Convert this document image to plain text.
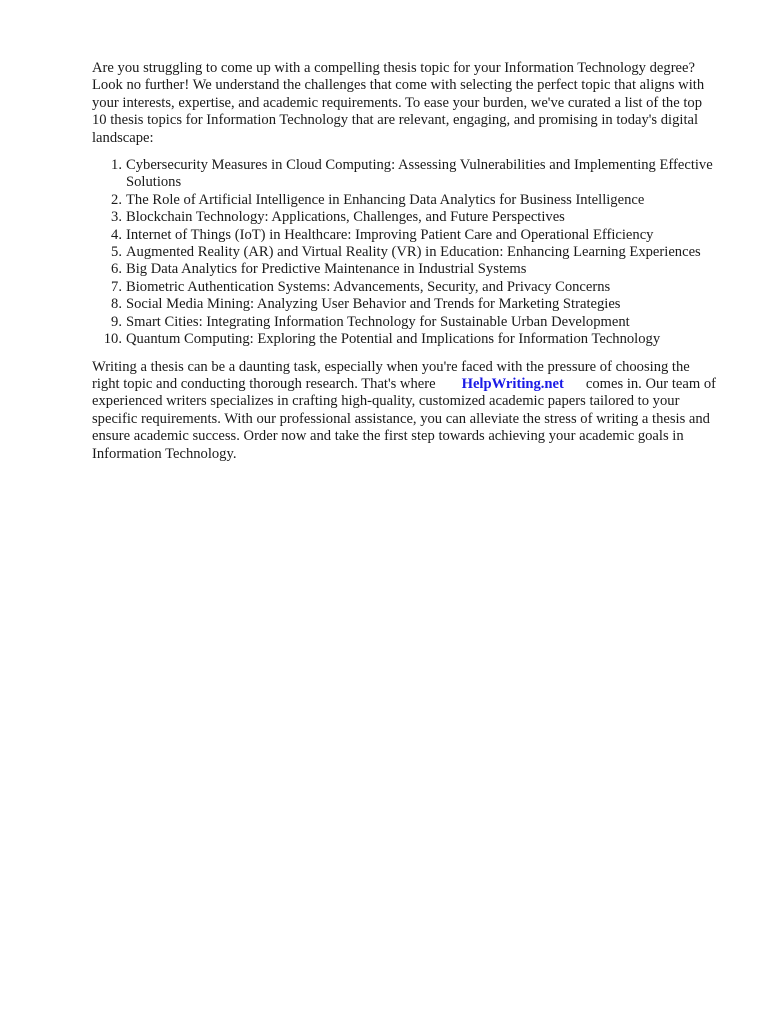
Are you struggling to come up with a compelling thesis topic for your Information Technology degree? Look no further! We understand the challenges that come with selecting the perfect topic that aligns with your interests, expertise, and academic requirements. To ease your burden, we've curated a list of the top 10 thesis topics for Information Technology that are relevant, engaging, and promising in today's digital landscape:

1. Cybersecurity Measures in Cloud Computing: Assessing Vulnerabilities and Implementing Effective Solutions
2. The Role of Artificial Intelligence in Enhancing Data Analytics for Business Intelligence
3. Blockchain Technology: Applications, Challenges, and Future Perspectives
4. Internet of Things (IoT) in Healthcare: Improving Patient Care and Operational Efficiency
5. Augmented Reality (AR) and Virtual Reality (VR) in Education: Enhancing Learning Experiences
6. Big Data Analytics for Predictive Maintenance in Industrial Systems
7. Biometric Authentication Systems: Advancements, Security, and Privacy Concerns
8. Social Media Mining: Analyzing User Behavior and Trends for Marketing Strategies
9. Smart Cities: Integrating Information Technology for Sustainable Urban Development
10. Quantum Computing: Exploring the Potential and Implications for Information Technology

Writing a thesis can be a daunting task, especially when you're faced with the pressure of choosing the right topic and conducting thorough research. That's where HelpWriting.net comes in. Our team of experienced writers specializes in crafting high-quality, customized academic papers tailored to your specific requirements. With our professional assistance, you can alleviate the stress of writing a thesis and ensure academic success. Order now and take the first step towards achieving your academic goals in Information Technology.
